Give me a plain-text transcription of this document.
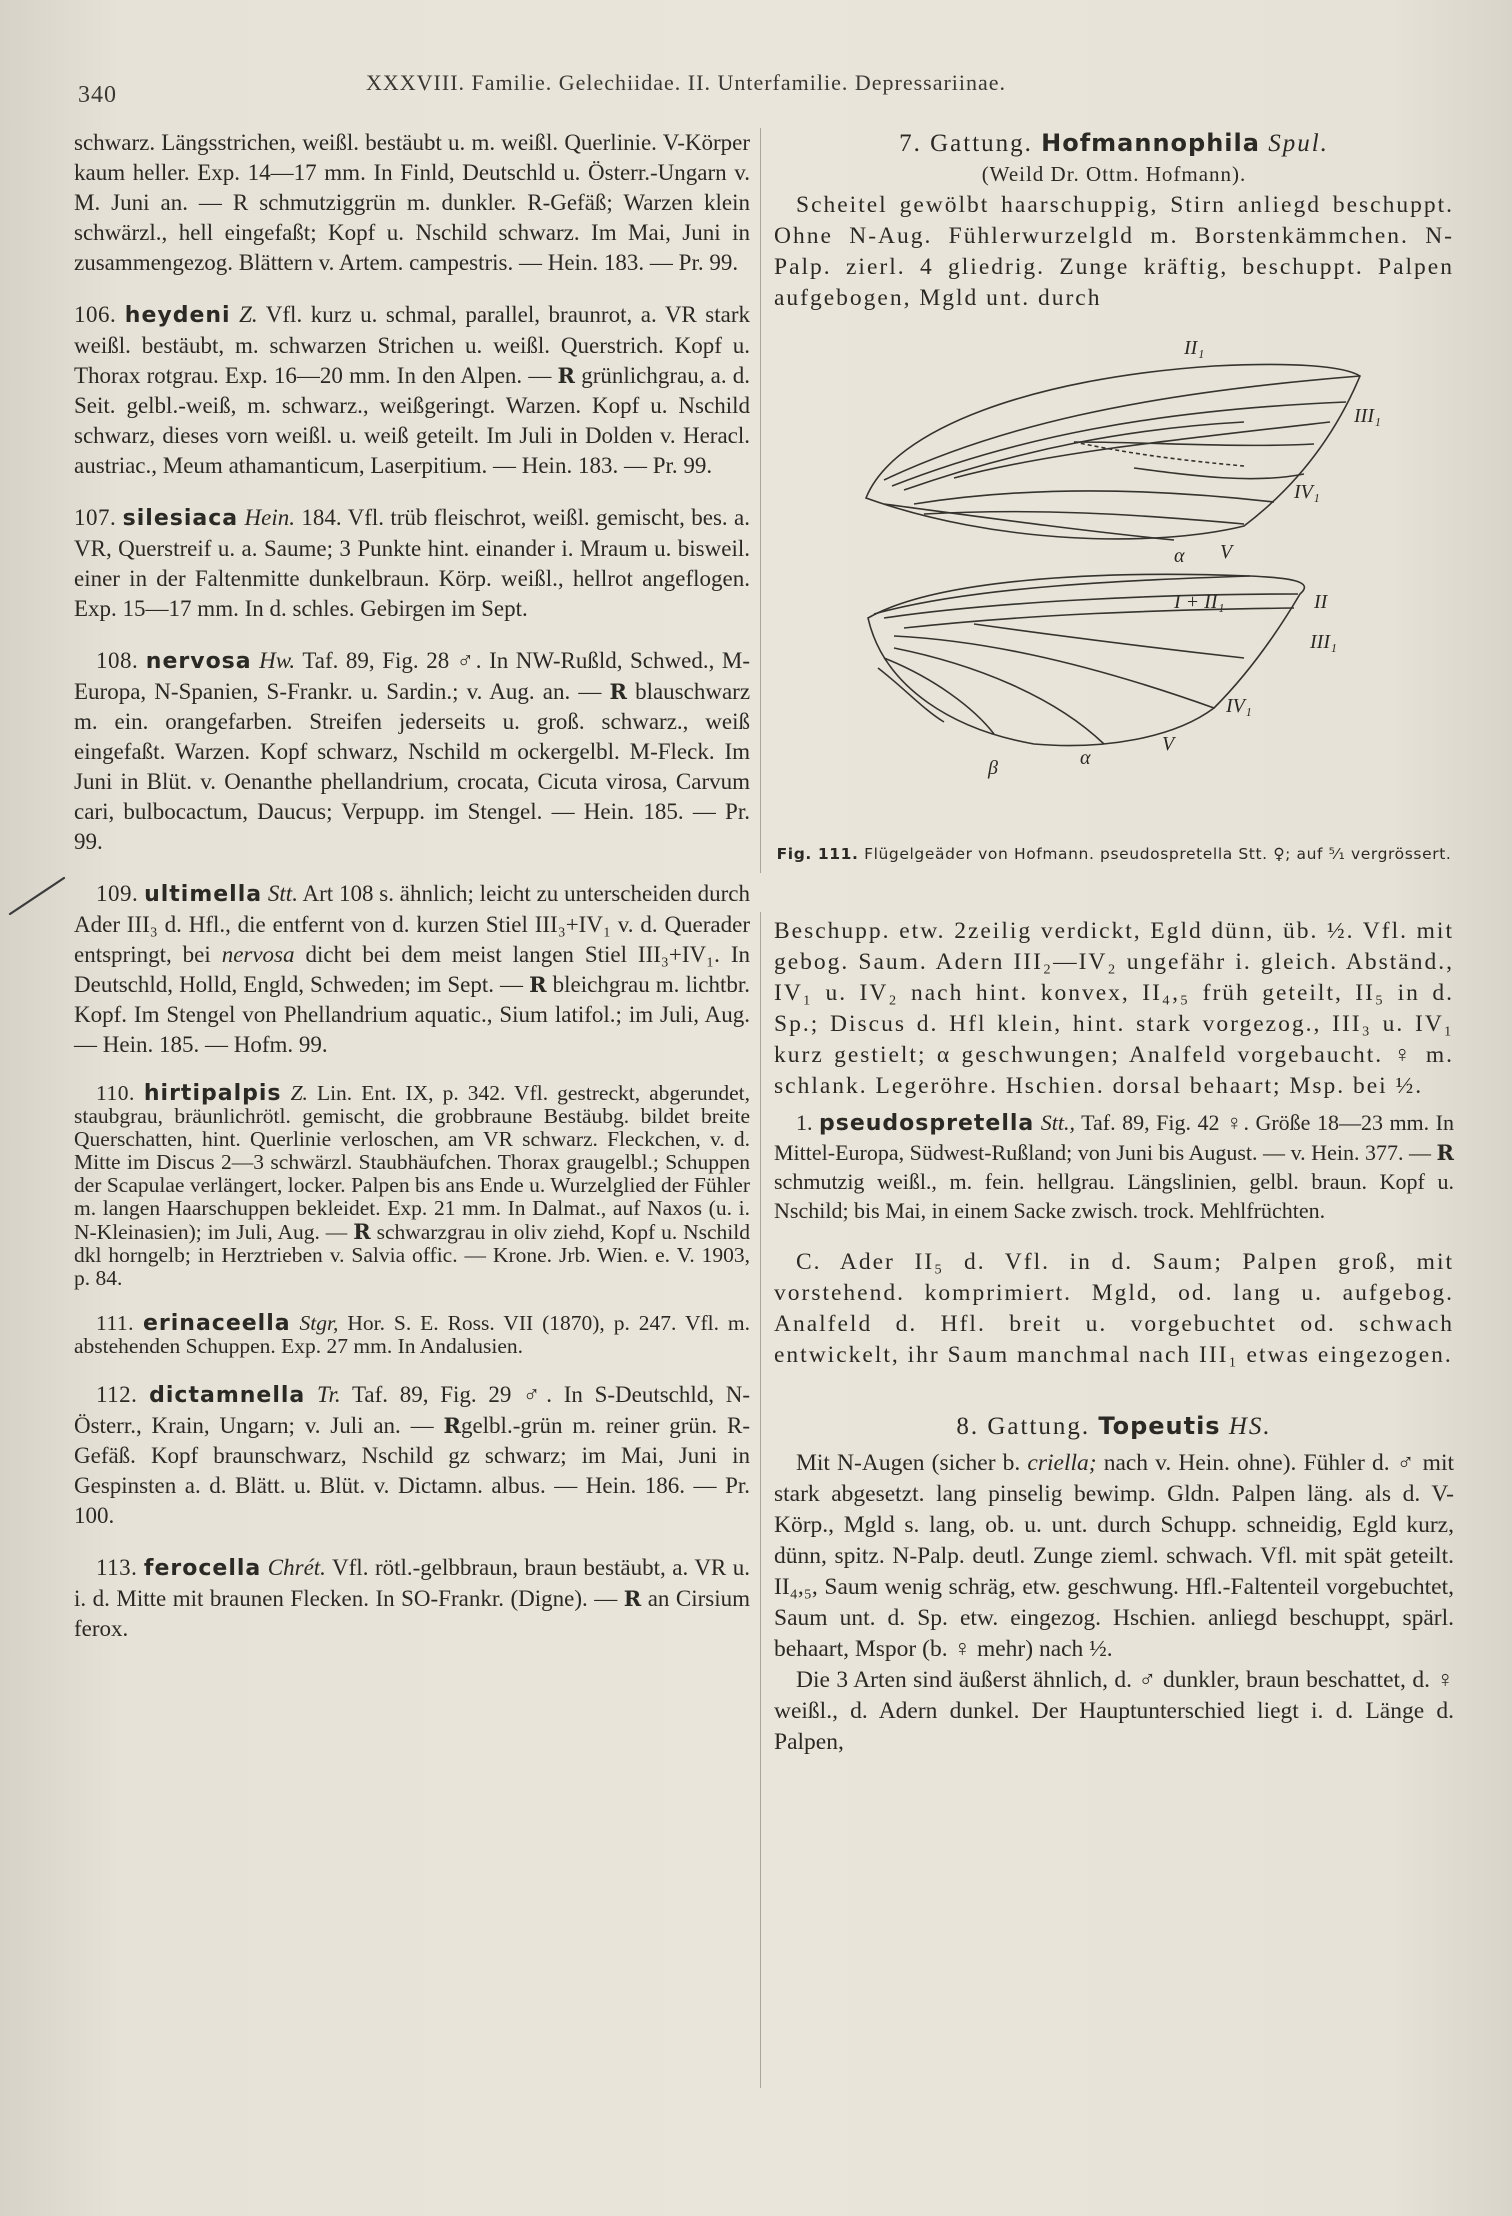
340	XXXVIII. Familie. Gelechiidae. II. Unterfamilie. Depressariinae.

schwarz. Längsstrichen, weißl. bestäubt u. m. weißl. Querlinie. V-Körper kaum heller. Exp. 14—17 mm. In Finld, Deutschld u. Österr.-Ungarn v. M. Juni an. — R schmutziggrün m. dunkler. R-Gefäß; Warzen klein schwärzl., hell eingefaßt; Kopf u. Nschild schwarz. Im Mai, Juni in zusammengezog. Blättern v. Artem. campestris. — Hein. 183. — Pr. 99.

106. heydeni Z. Vfl. kurz u. schmal, parallel, braunrot, a. VR stark weißl. bestäubt, m. schwarzen Strichen u. weißl. Querstrich. Kopf u. Thorax rotgrau. Exp. 16—20 mm. In den Alpen. — R grünlichgrau, a. d. Seit. gelbl.-weiß, m. schwarz., weißgeringt. Warzen. Kopf u. Nschild schwarz, dieses vorn weißl. u. weiß geteilt. Im Juli in Dolden v. Heracl. austriac., Meum athamanticum, Laserpitium. — Hein. 183. — Pr. 99.

107. silesiaca Hein. 184. Vfl. trüb fleischrot, weißl. gemischt, bes. a. VR, Querstreif u. a. Saume; 3 Punkte hint. einander i. Mraum u. bisweil. einer in der Faltenmitte dunkelbraun. Körp. weißl., hellrot angeflogen. Exp. 15—17 mm. In d. schles. Gebirgen im Sept.

108. nervosa Hw. Taf. 89, Fig. 28 ♂. In NW-Rußld, Schwed., M-Europa, N-Spanien, S-Frankr. u. Sardin.; v. Aug. an. — R blauschwarz m. ein. orangefarben. Streifen jederseits u. groß. schwarz., weiß eingefaßt. Warzen. Kopf schwarz, Nschild m ockergelbl. M-Fleck. Im Juni in Blüt. v. Oenanthe phellandrium, crocata, Cicuta virosa, Carvum cari, bulbocactum, Daucus; Verpupp. im Stengel. — Hein. 185. — Pr. 99.

109. ultimella Stt. Art 108 s. ähnlich; leicht zu unterscheiden durch Ader III₃ d. Hfl., die entfernt von d. kurzen Stiel III₃+IV₁ v. d. Querader entspringt, bei nervosa dicht bei dem meist langen Stiel III₃+IV₁. In Deutschld, Holld, Engld, Schweden; im Sept. — R bleichgrau m. lichtbr. Kopf. Im Stengel von Phellandrium aquatic., Sium latifol.; im Juli, Aug. — Hein. 185. — Hofm. 99.

110. hirtipalpis Z. Lin. Ent. IX, p. 342. Vfl. gestreckt, abgerundet, staubgrau, bräunlichrötl. gemischt, die grobbraune Bestäubg. bildet breite Querschatten, hint. Querlinie verloschen, am VR schwarz. Fleckchen, v. d. Mitte im Discus 2—3 schwärzl. Staubhäufchen. Thorax graugelbl.; Schuppen der Scapulae verlängert, locker. Palpen bis ans Ende u. Wurzelglied der Fühler m. langen Haarschuppen bekleidet. Exp. 21 mm. In Dalmat., auf Naxos (u. i. N-Kleinasien); im Juli, Aug. — R schwarzgrau in oliv ziehd, Kopf u. Nschild dkl horngelb; in Herztrieben v. Salvia offic. — Krone. Jrb. Wien. e. V. 1903, p. 84.

111. erinaceella Stgr, Hor. S. E. Ross. VII (1870), p. 247. Vfl. m. abstehenden Schuppen. Exp. 27 mm. In Andalusien.

112. dictamnella Tr. Taf. 89, Fig. 29 ♂. In S-Deutschld, N-Österr., Krain, Ungarn; v. Juli an. — Rgelbl.-grün m. reiner grün. R-Gefäß. Kopf braunschwarz, Nschild gz schwarz; im Mai, Juni in Gespinsten a. d. Blätt. u. Blüt. v. Dictamn. albus. — Hein. 186. — Pr. 100.

113. ferocella Chrét. Vfl. rötl.-gelbbraun, braun bestäubt, a. VR u. i. d. Mitte mit braunen Flecken. In SO-Frankr. (Digne). — R an Cirsium ferox.

7. Gattung. Hofmannophila Spul.

(Weild Dr. Ottm. Hofmann).

Scheitel gewölbt haarschuppig, Stirn anliegd beschuppt. Ohne N-Aug. Fühlerwurzelgld m. Borstenkämmchen. N-Palp. zierl. 4 gliedrig. Zunge kräftig, beschuppt. Palpen aufgebogen, Mgld unt. durch

II₁
III₁
IV₁
α V
I + II₁	II
III₁
IV₁
β	α
V
Fig. 111. Flügelgeäder von Hofmann. pseudospretella Stt. ♀; auf ⁵⁄₁ vergrössert.

Beschupp. etw. 2zeilig verdickt, Egld dünn, üb. ½. Vfl. mit gebog. Saum. Adern III₂—IV₂ ungefähr i. gleich. Abständ., IV₁ u. IV₂ nach hint. konvex, II₄,₅ früh geteilt, II₅ in d. Sp.; Discus d. Hfl klein, hint. stark vorgezog., III₃ u. IV₁ kurz gestielt; α geschwungen; Analfeld vorgebaucht. ♀ m. schlank. Legeröhre. Hschien. dorsal behaart; Msp. bei ½.

1. pseudospretella Stt., Taf. 89, Fig. 42 ♀. Größe 18—23 mm. In Mittel-Europa, Südwest-Rußland; von Juni bis August. — v. Hein. 377. — R schmutzig weißl., m. fein. hellgrau. Längslinien, gelbl. braun. Kopf u. Nschild; bis Mai, in einem Sacke zwisch. trock. Mehlfrüchten.

C. Ader II₅ d. Vfl. in d. Saum; Palpen groß, mit vorstehend. komprimiert. Mgld, od. lang u. aufgebog. Analfeld d. Hfl. breit u. vorgebuchtet od. schwach entwickelt, ihr Saum manchmal nach III₁ etwas eingezogen.

8. Gattung. Topeutis HS.

Mit N-Augen (sicher b. criella; nach v. Hein. ohne). Fühler d. ♂ mit stark abgesetzt. lang pinselig bewimp. Gldn. Palpen läng. als d. V-Körp., Mgld s. lang, ob. u. unt. durch Schupp. schneidig, Egld kurz, dünn, spitz. N-Palp. deutl. Zunge zieml. schwach. Vfl. mit spät geteilt. II₄,₅, Saum wenig schräg, etw. geschwung. Hfl.-Faltenteil vorgebuchtet, Saum unt. d. Sp. etw. eingezog. Hschien. anliegd beschuppt, spärl. behaart, Mspor (b. ♀ mehr) nach ½.

Die 3 Arten sind äußerst ähnlich, d. ♂ dunkler, braun beschattet, d. ♀ weißl., d. Adern dunkel. Der Hauptunterschied liegt i. d. Länge d. Palpen,
